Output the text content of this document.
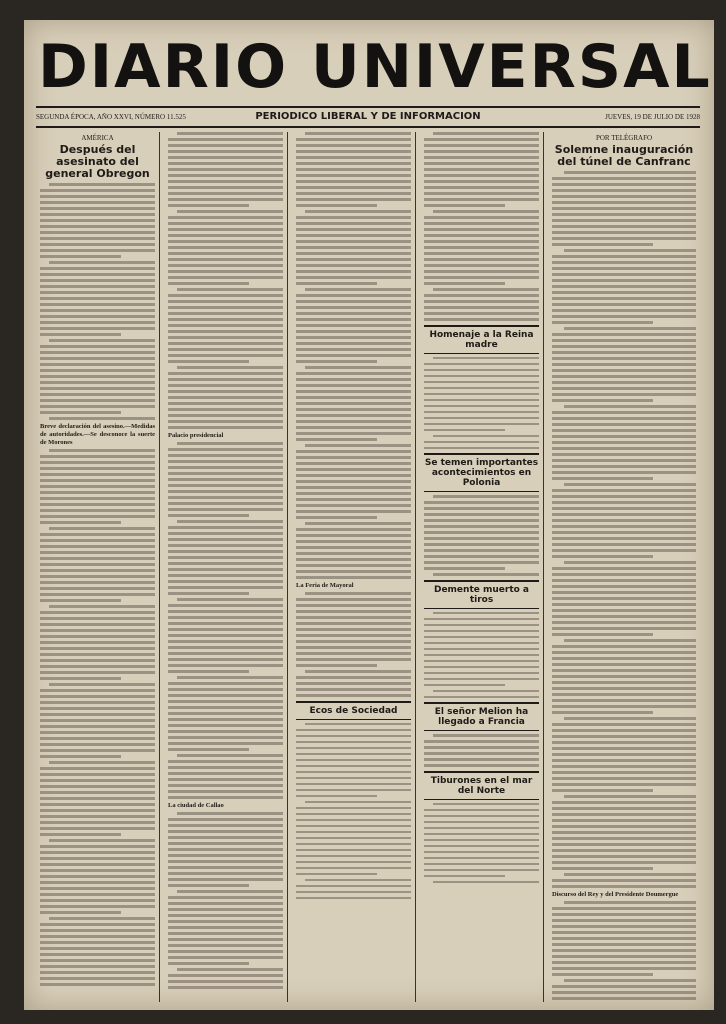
DIARIO UNIVERSAL
SEGUNDA ÉPOCA, AÑO XXVI, NÚMERO 11.525	PERIODICO LIBERAL Y DE INFORMACION	JUEVES, 19 DE JULIO DE 1928
AMÉRICA
Después del asesinato del general Obregon
Breve declaración del asesino.—Medidas de autoridades.—Se desconoce la suerte de Morones
Palacio presidencial
La ciudad de Callao
La Feria de Mayoral
Ecos de Sociedad
Homenaje a la Reina madre
Se temen importantes acontecimientos en Polonia
Demente muerto a tiros
El señor Melion ha llegado a Francia
Tiburones en el mar del Norte
POR TELÉGRAFO
Solemne inauguración del túnel de Canfranc
Discurso del Rey y del Presidente Doumergue
